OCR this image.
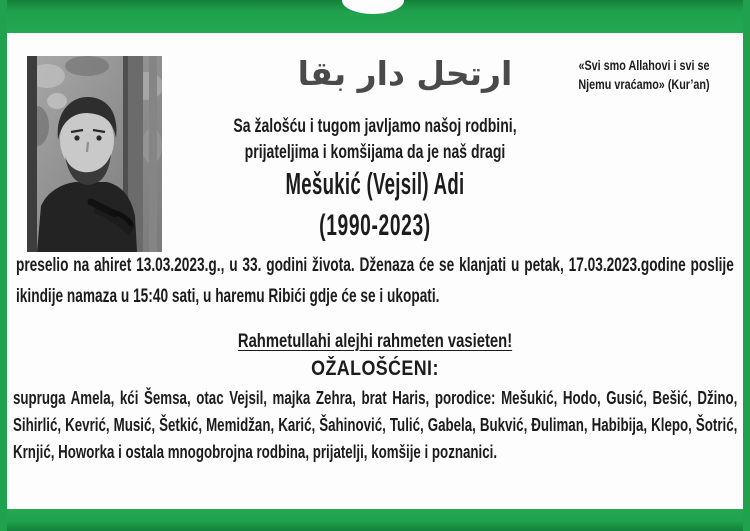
ارتحل دار بقا	«Svi smo Allahovi i svi se
Njemu vraćamo» (Kur’an)
Sa žalošću i tugom javljamo našoj rodbini,
prijateljima i komšijama da je naš dragi
Mešukić (Vejsil) Adi
(1990-2023)
preselio na ahiret 13.03.2023.g., u 33. godini života. Dženaza će se klanjati u petak, 17.03.2023.godine poslije ikindije namaza u 15:40 sati, u haremu Ribići gdje će se i ukopati.
Rahmetullahi alejhi rahmeten vasieten!
OŽALOŠĆENI:
supruga Amela, kći Šemsa, otac Vejsil, majka Zehra, brat Haris, porodice: Mešukić, Hodo, Gusić, Bešić, Džino, Sihirlić, Kevrić, Musić, Šetkić, Memidžan, Karić, Šahinović, Tulić, Gabela, Bukvić, Đuliman, Habibija, Klepo, Šotrić, Krnjić, Howorka i ostala mnogobrojna rodbina, prijatelji, komšije i poznanici.
